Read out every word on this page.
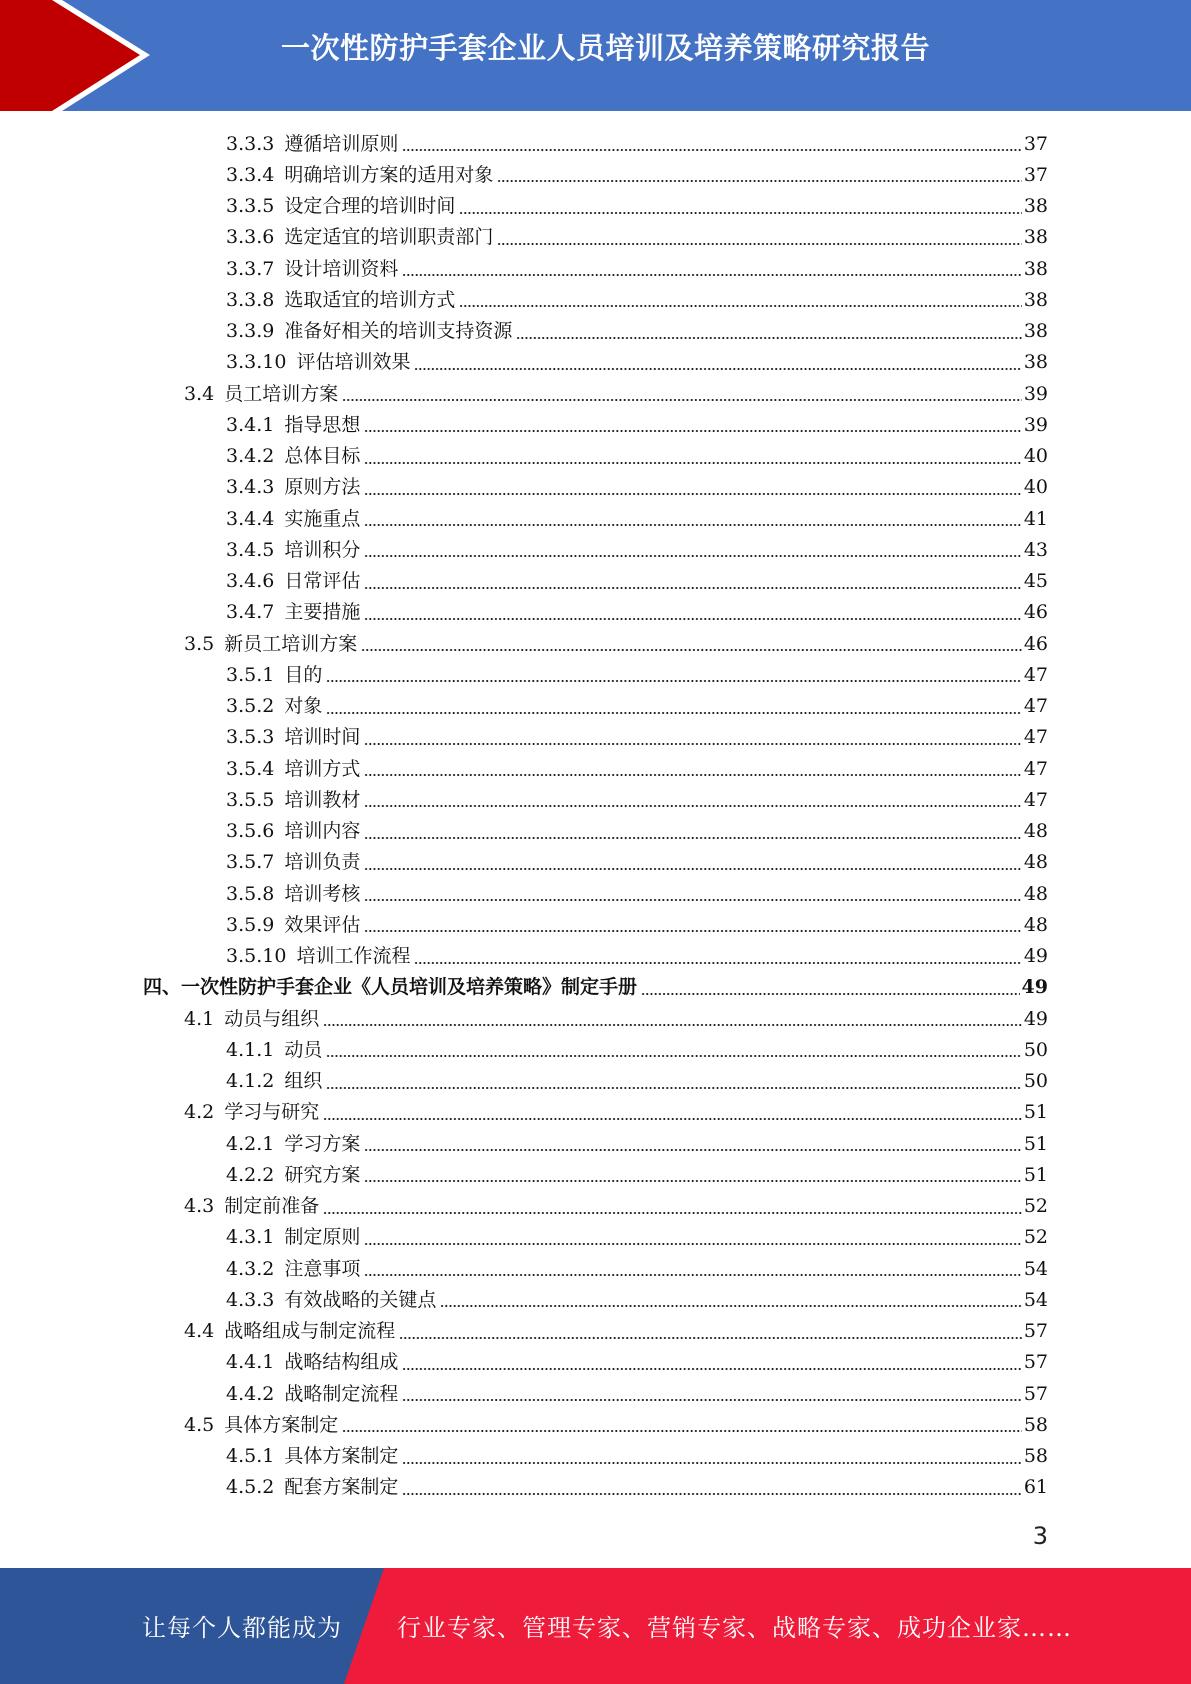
一次性防护手套企业人员培训及培养策略研究报告
3.3.3 遵循培训原则	37
3.3.4 明确培训方案的适用对象	37
3.3.5 设定合理的培训时间	38
3.3.6 选定适宜的培训职责部门	38
3.3.7 设计培训资料	38
3.3.8 选取适宜的培训方式	38
3.3.9 准备好相关的培训支持资源	38
3.3.10 评估培训效果	38
3.4 员工培训方案	39
3.4.1 指导思想	39
3.4.2 总体目标	40
3.4.3 原则方法	40
3.4.4 实施重点	41
3.4.5 培训积分	43
3.4.6 日常评估	45
3.4.7 主要措施	46
3.5 新员工培训方案	46
3.5.1 目的	47
3.5.2 对象	47
3.5.3 培训时间	47
3.5.4 培训方式	47
3.5.5 培训教材	47
3.5.6 培训内容	48
3.5.7 培训负责	48
3.5.8 培训考核	48
3.5.9 效果评估	48
3.5.10 培训工作流程	49
四、一次性防护手套企业《人员培训及培养策略》制定手册	49
4.1 动员与组织	49
4.1.1 动员	50
4.1.2 组织	50
4.2 学习与研究	51
4.2.1 学习方案	51
4.2.2 研究方案	51
4.3 制定前准备	52
4.3.1 制定原则	52
4.3.2 注意事项	54
4.3.3 有效战略的关键点	54
4.4 战略组成与制定流程	57
4.4.1 战略结构组成	57
4.4.2 战略制定流程	57
4.5 具体方案制定	58
4.5.1 具体方案制定	58
4.5.2 配套方案制定	61
3
让每个人都能成为 行业专家、管理专家、营销专家、战略专家、成功企业家……
